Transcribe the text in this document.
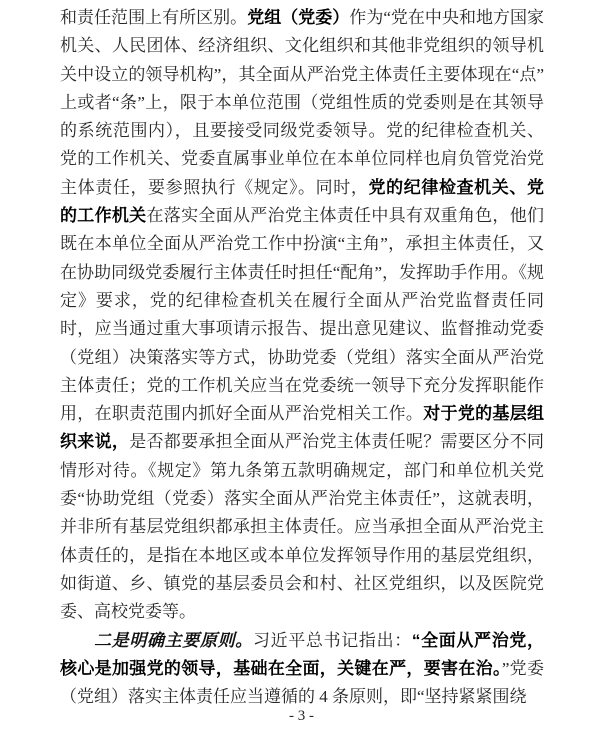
和责任范围上有所区别。党组（党委）作为“党在中央和地方国家机关、人民团体、经济组织、文化组织和其他非党组织的领导机关中设立的领导机构”，其全面从严治党主体责任主要体现在“点”上或者“条”上，限于本单位范围（党组性质的党委则是在其领导的系统范围内），且要接受同级党委领导。党的纪律检查机关、党的工作机关、党委直属事业单位在本单位同样也肩负管党治党主体责任，要参照执行《规定》。同时，党的纪律检查机关、党的工作机关在落实全面从严治党主体责任中具有双重角色，他们既在本单位全面从严治党工作中扮演“主角”，承担主体责任，又在协助同级党委履行主体责任时担任“配角”，发挥助手作用。《规定》要求，党的纪律检查机关在履行全面从严治党监督责任同时，应当通过重大事项请示报告、提出意见建议、监督推动党委（党组）决策落实等方式，协助党委（党组）落实全面从严治党主体责任；党的工作机关应当在党委统一领导下充分发挥职能作用，在职责范围内抓好全面从严治党相关工作。对于党的基层组织来说，是否都要承担全面从严治党主体责任呢？需要区分不同情形对待。《规定》第九条第五款明确规定，部门和单位机关党委“协助党组（党委）落实全面从严治党主体责任”，这就表明，并非所有基层党组织都承担主体责任。应当承担全面从严治党主体责任的，是指在本地区或本单位发挥领导作用的基层党组织，如街道、乡、镇党的基层委员会和村、社区党组织，以及医院党委、高校党委等。

二是明确主要原则。习近平总书记指出：“全面从严治党，核心是加强党的领导，基础在全面，关键在严，要害在治。”党委（党组）落实主体责任应当遵循的 4 条原则，即“坚持紧紧围绕

- 3 -
